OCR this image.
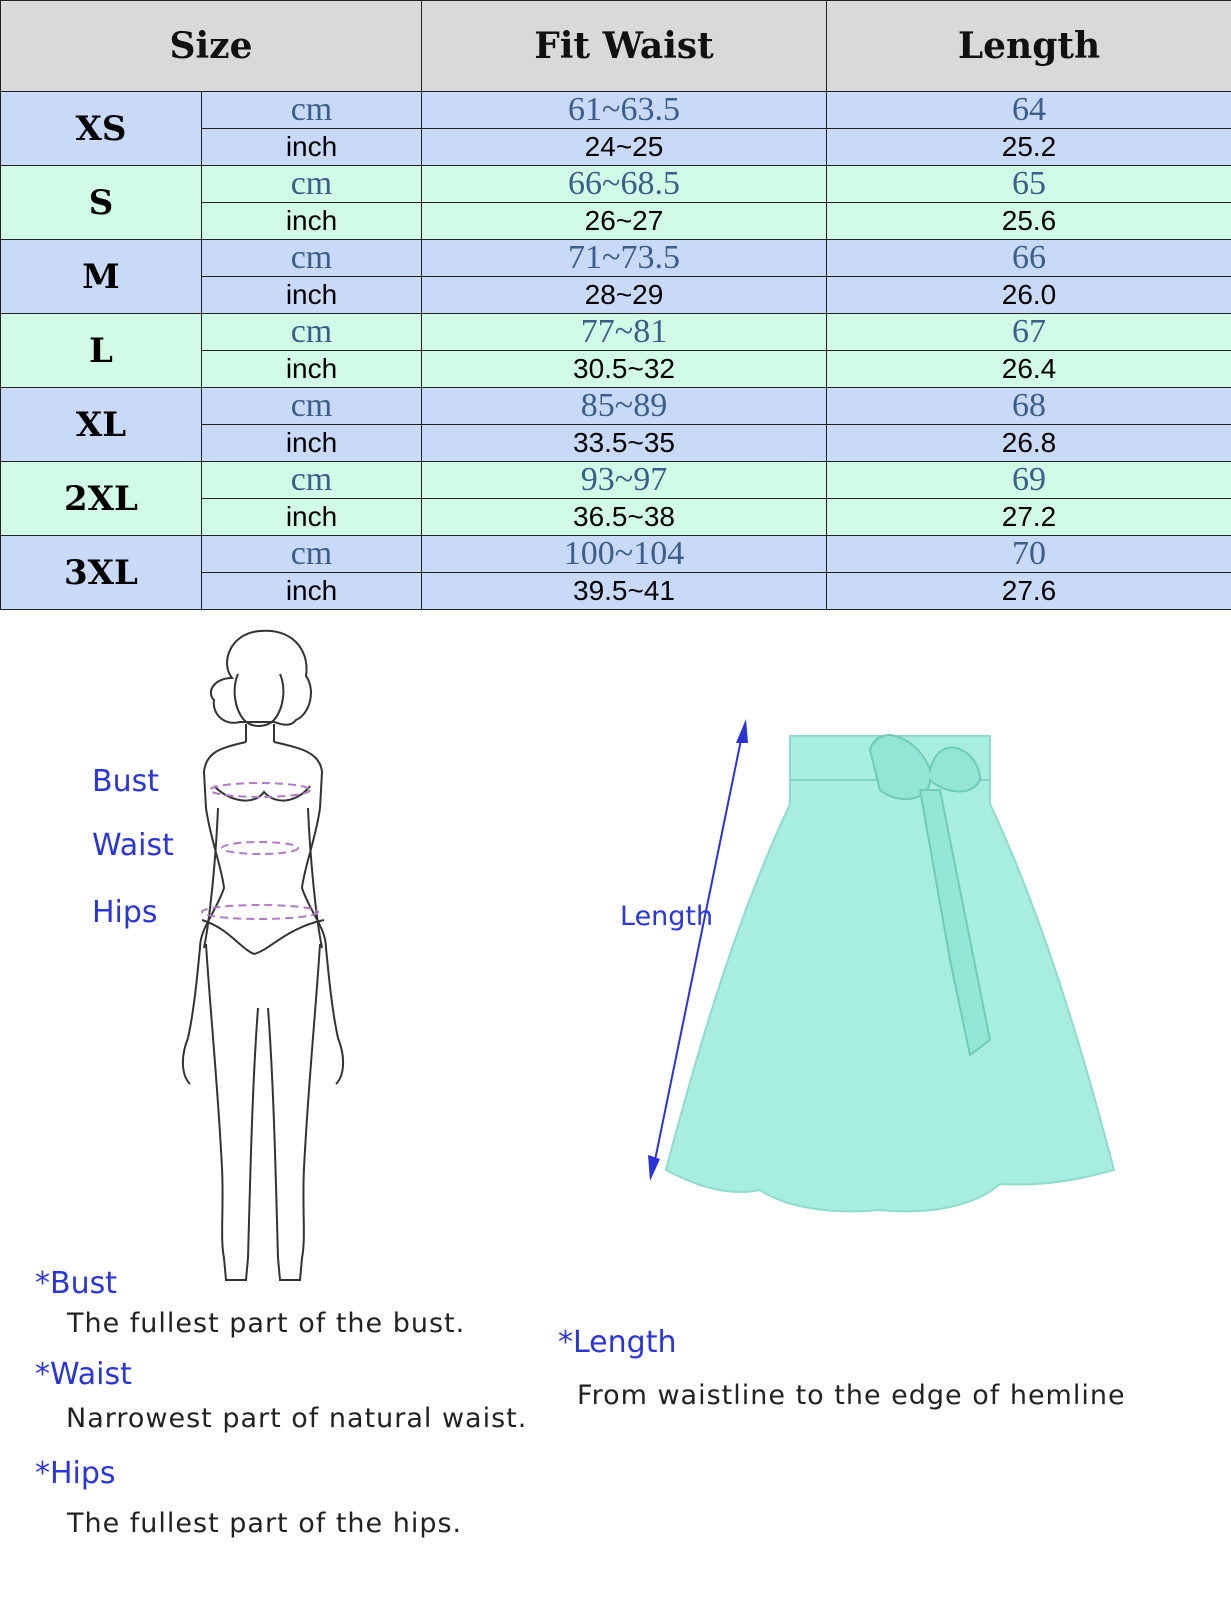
Size		Fit Waist	Length
XS	cm	61~63.5	64
	inch	24~25	25.2
S	cm	66~68.5	65
	inch	26~27	25.6
M	cm	71~73.5	66
	inch	28~29	26.0
L	cm	77~81	67
	inch	30.5~32	26.4
XL	cm	85~89	68
	inch	33.5~35	26.8
2XL	cm	93~97	69
	inch	36.5~38	27.2
3XL	cm	100~104	70
	inch	39.5~41	27.6
Bust
Waist
Hips	Length
*Bust
The fullest part of the bust.
*Waist
Narrowest part of natural waist.
*Hips
The fullest part of the hips.
*Length
From waistline to the edge of hemline
